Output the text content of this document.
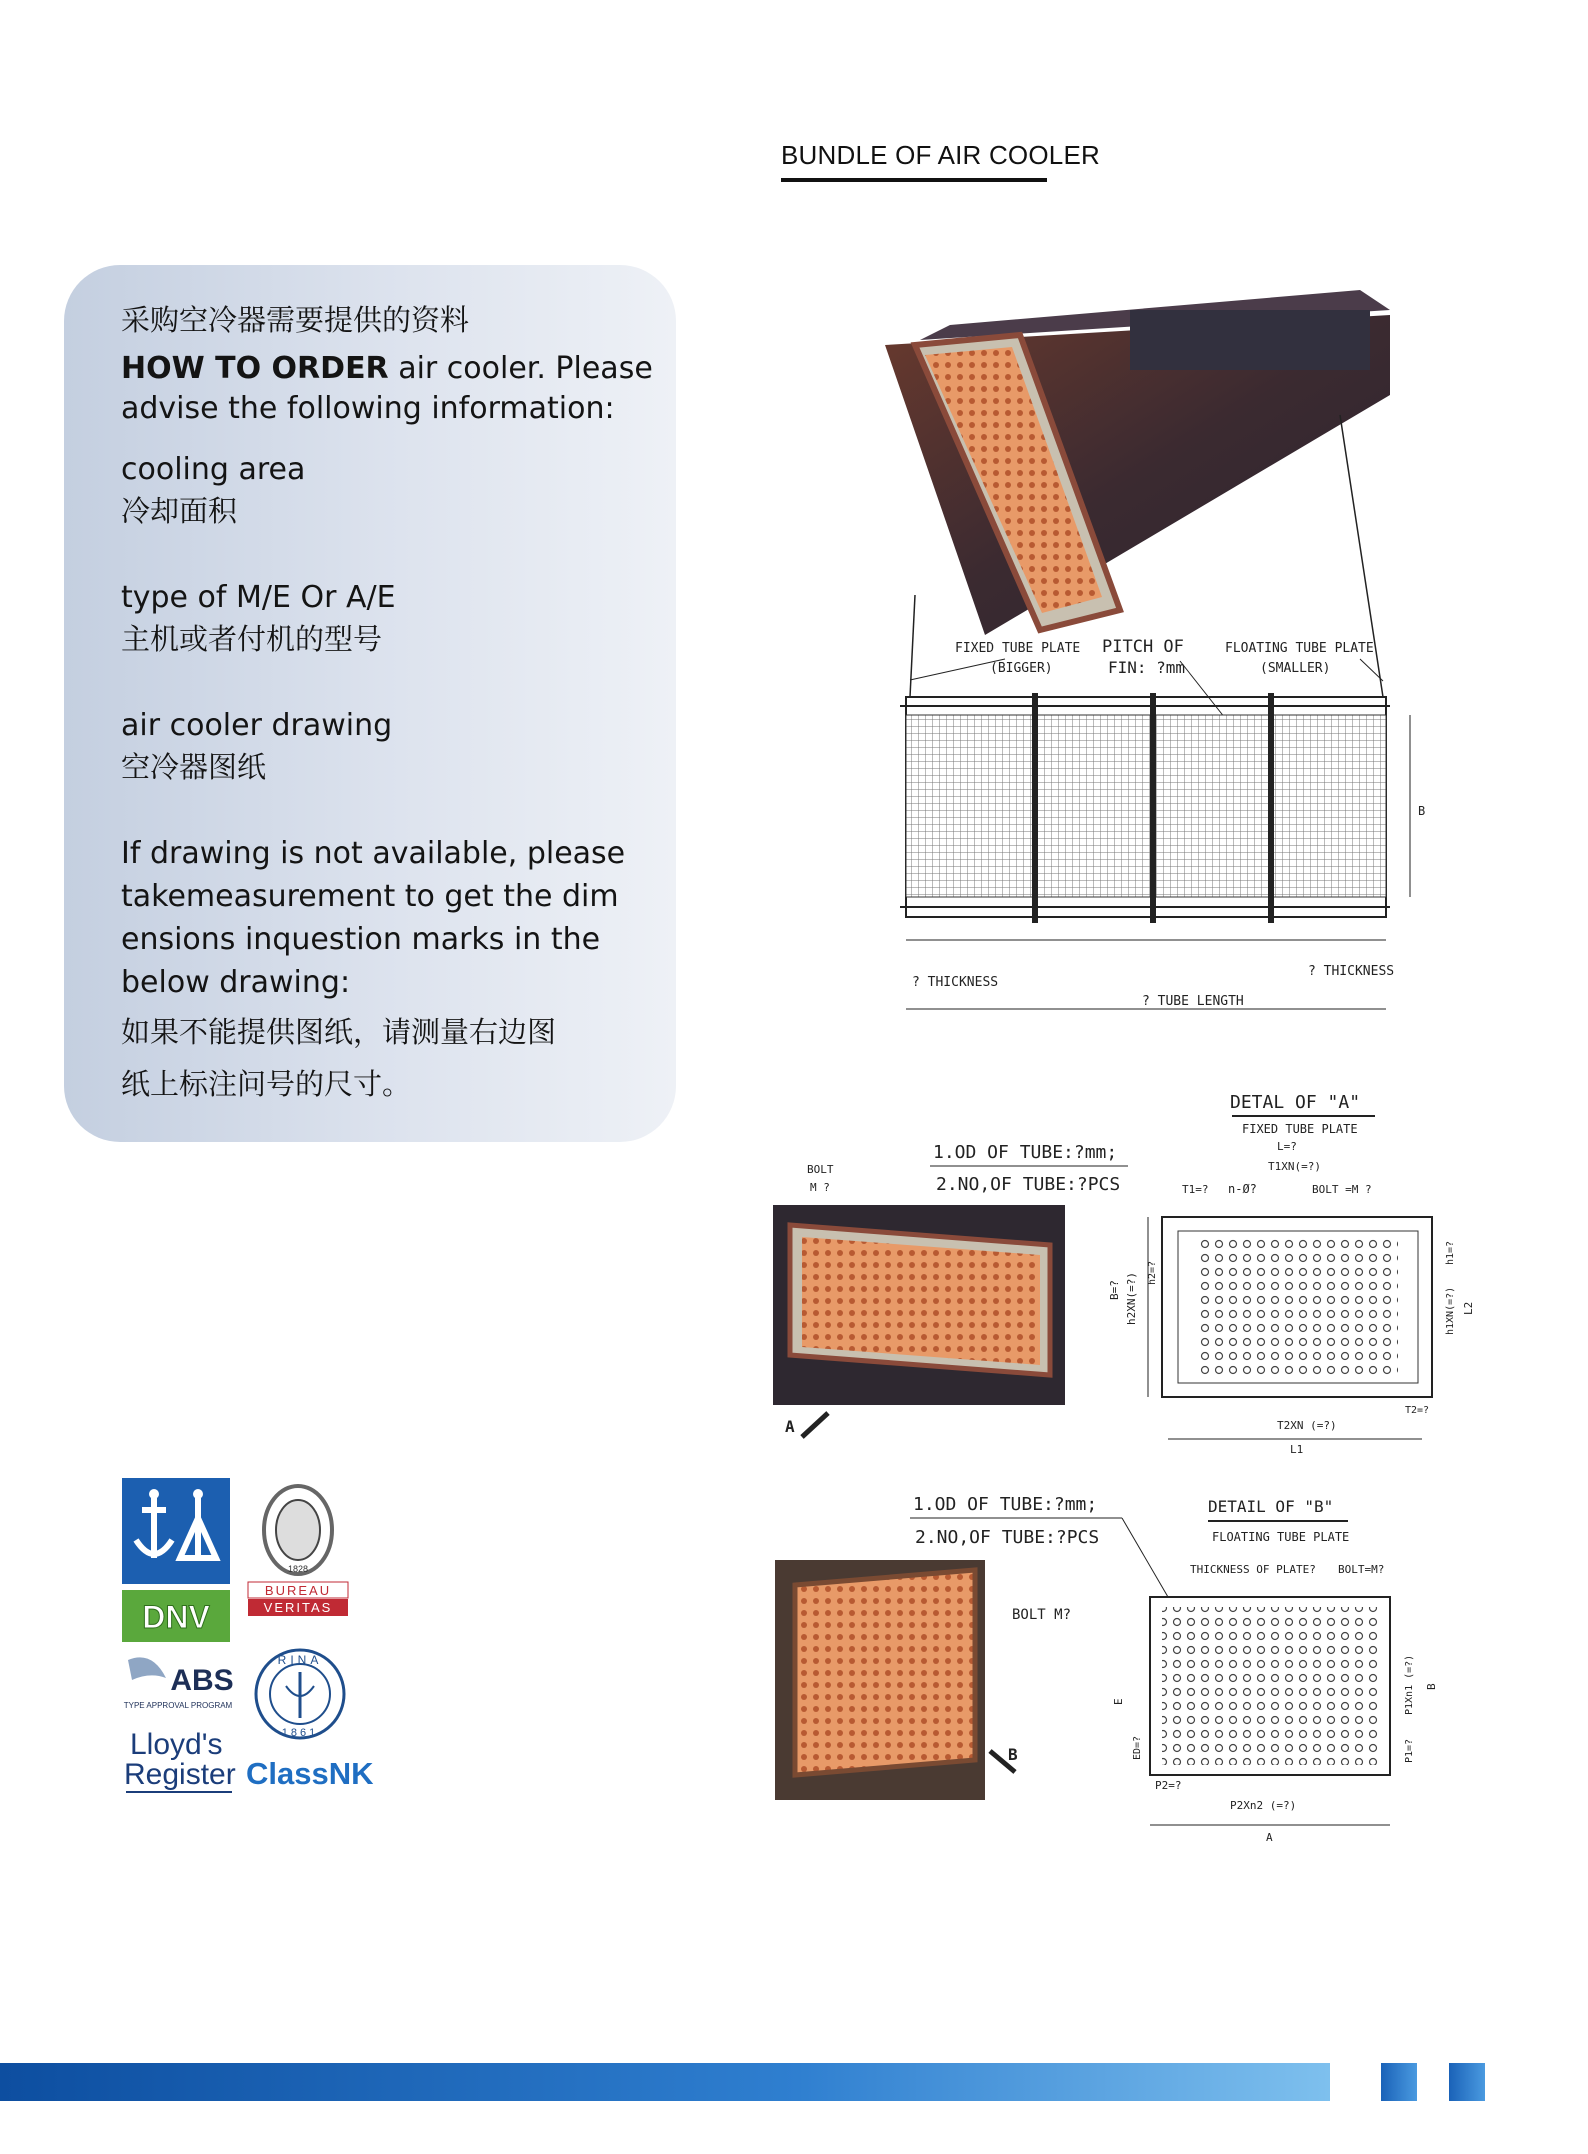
BUNDLE OF AIR COOLER
采购空冷器需要提供的资料
HOW TO ORDER air cooler. Please
advise the following information:
cooling area
冷却面积
type of M/E Or A/E
主机或者付机的型号
air cooler drawing
空冷器图纸
If drawing is not available, please
takemeasurement to get the dim
ensions inquestion marks in the
below drawing:
如果不能提供图纸，请测量右边图
纸上标注问号的尺寸。
DNV
1828
BUREAU
VERITAS
ABS
TYPE APPROVAL PROGRAM
RINA
1861
Lloyd's
Register ClassNK
FIXED TUBE PLATE
(BIGGER)
PITCH OF
FIN: ?mm
FLOATING TUBE PLATE
(SMALLER)
B
? THICKNESS
? THICKNESS
? TUBE LENGTH
DETAL OF "A"
FIXED TUBE PLATE
1.OD OF TUBE:?mm;
2.NO,OF TUBE:?PCS
BOLT
M ?
A
L=?
T1XN(=?)
T1=? n-Ø?	BOLT =M ?
B=? h2XN(=?) h2=?
h1=?
h1XN(=?) L2
T2=?
T2XN (=?)
L1
1.OD OF TUBE:?mm;
2.NO,OF TUBE:?PCS
DETAIL OF "B"
FLOATING TUBE PLATE
THICKNESS OF PLATE? BOLT=M?
BOLT M?
B
E
ED=?
P2=?
P2Xn2 (=?)
A
P1Xn1 (=?)
P1=?
B
